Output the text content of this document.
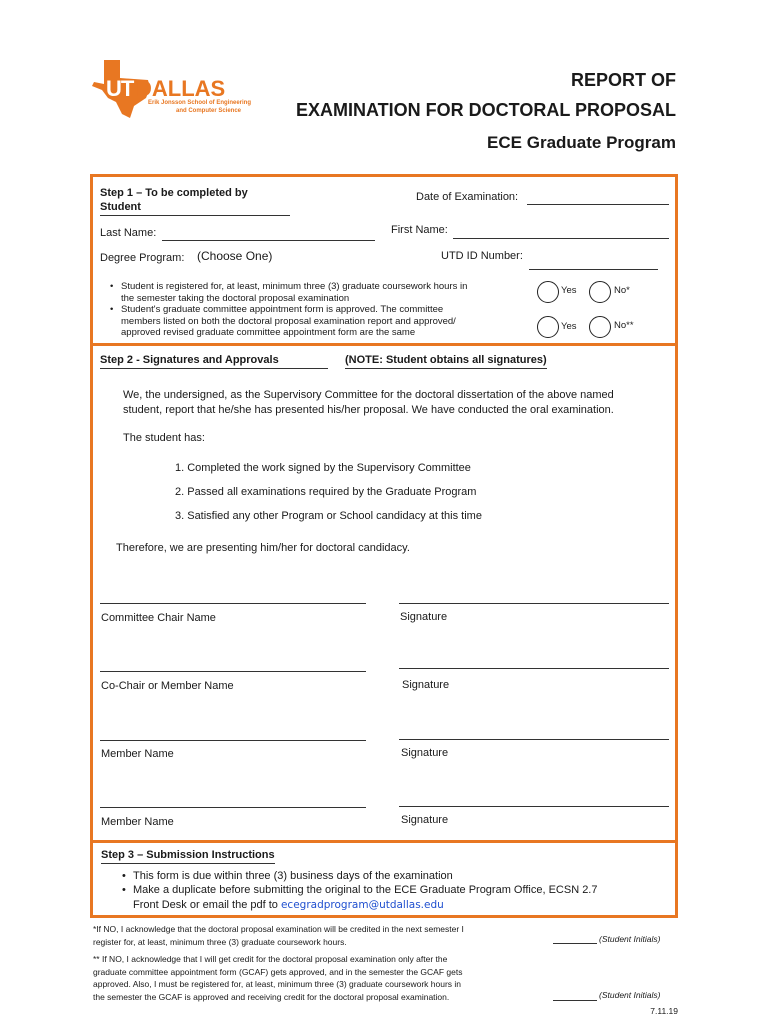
UT DALLAS
Erik Jonsson School of Engineering
and Computer Science
REPORT OF
EXAMINATION FOR DOCTORAL PROPOSAL
ECE Graduate Program
Step 1 – To be completed by Student
Date of Examination:
Last Name:	First Name:
Degree Program: (Choose One)	UTD ID Number:
• Student is registered for, at least, minimum three (3) graduate coursework hours in
the semester taking the doctoral proposal examination
• Student's graduate committee appointment form is approved. The committee
members listed on both the doctoral proposal examination report and approved/
approved revised graduate committee appointment form are the same
Yes	No*
Yes	No**
Step 2 - Signatures and Approvals	(NOTE: Student obtains all signatures)
We, the undersigned, as the Supervisory Committee for the doctoral dissertation of the above named
student, report that he/she has presented his/her proposal. We have conducted the oral examination.
The student has:
1. Completed the work signed by the Supervisory Committee
2. Passed all examinations required by the Graduate Program
3. Satisfied any other Program or School candidacy at this time
Therefore, we are presenting him/her for doctoral candidacy.
Committee Chair Name	Signature
Co-Chair or Member Name	Signature
Member Name	Signature
Member Name	Signature
Step 3 – Submission Instructions
• This form is due within three (3) business days of the examination
• Make a duplicate before submitting the original to the ECE Graduate Program Office, ECSN 2.7
Front Desk or email the pdf to ecegradprogram@utdallas.edu
*If NO, I acknowledge that the doctoral proposal examination will be credited in the next semester I
register for, at least, minimum three (3) graduate coursework hours.
** If NO, I acknowledge that I will get credit for the doctoral proposal examination only after the
graduate committee appointment form (GCAF) gets approved, and in the semester the GCAF gets
approved. Also, I must be registered for, at least, minimum three (3) graduate coursework hours in
the semester the GCAF is approved and receiving credit for the doctoral proposal examination.
(Student Initials)
(Student Initials)
7.11.19
